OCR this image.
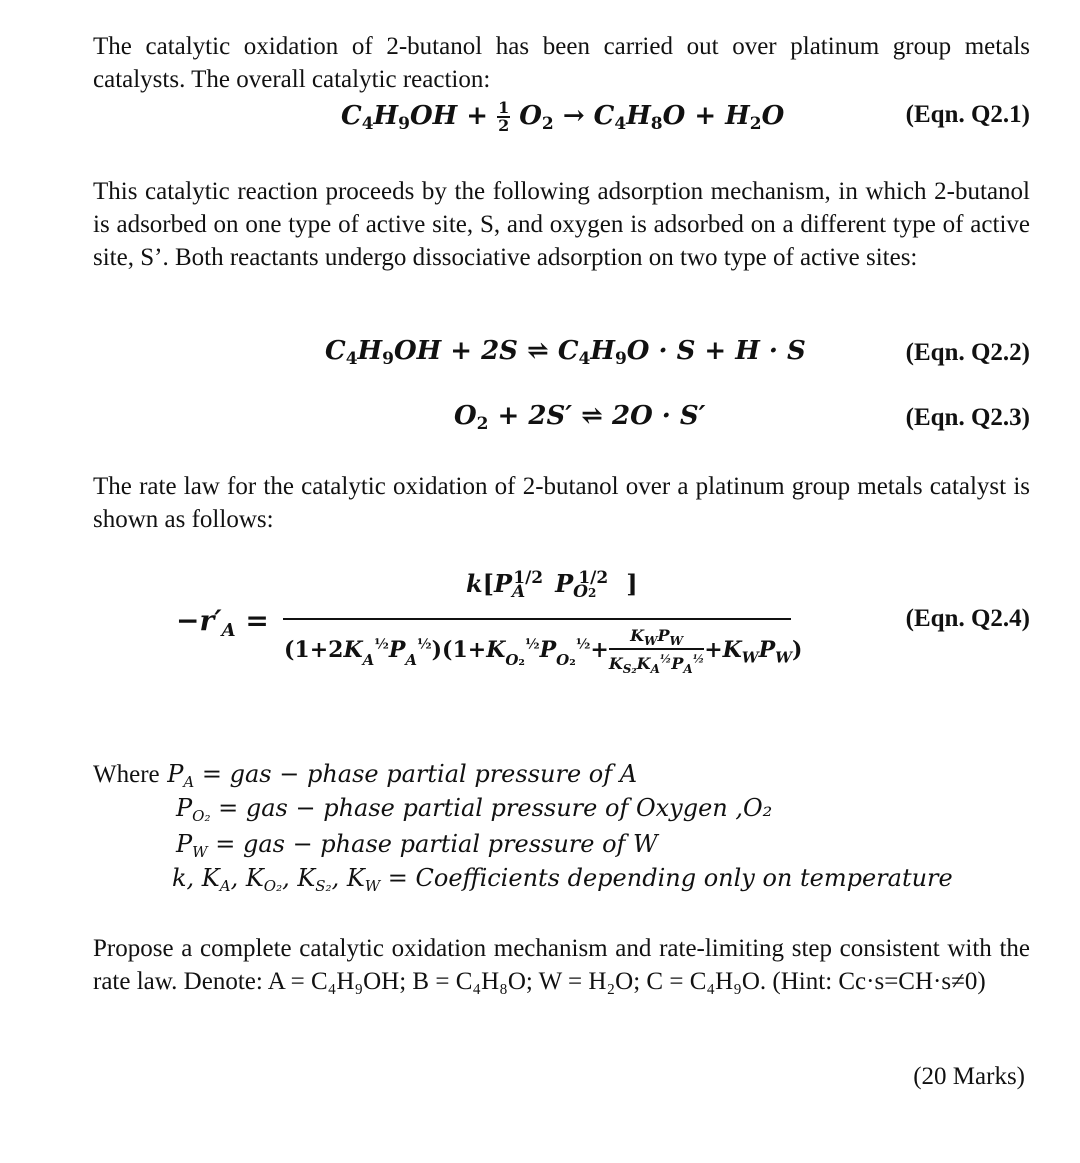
The catalytic oxidation of 2-butanol has been carried out over platinum group metals catalysts. The overall catalytic reaction:

$C_4H_9OH + \frac{1}{2} O_2 \to C_4H_8O + H_2O$	(Eqn. Q2.1)

This catalytic reaction proceeds by the following adsorption mechanism, in which 2-butanol is adsorbed on one type of active site, S, and oxygen is adsorbed on a different type of active site, S’. Both reactants undergo dissociative adsorption on two type of active sites:

$C_4H_9OH + 2S$ ⇌ $C_4H_9O \cdot S + H \cdot S$	(Eqn. Q2.2)
$O_2 + 2S'$ ⇌ 2O · S′	(Eqn. Q2.3)

The rate law for the catalytic oxidation of 2-butanol over a platinum group metals catalyst is shown as follows:

$-r'_A$ =
$k[P_A^{1/2}$ $P_{O2}^{1/2}$ ]
$(1+2K_A^{\frac{1}{2}}P_A^{\frac{1}{2}})(1+K_{O_2}^{\frac{1}{2}}P_{O_2}^{\frac{1}{2}}+$
$K_WP_W$
$K_{S_2}K_A^{\frac{1}{2}}P_A^{\frac{1}{2}} +K_WP_W$)
(Eqn. Q2.4)
Where $P_A$ = gas − phase partial pressure of A
$P_{O_2}$ = gas − phase partial pressure of Oxygen ,O₂
$P_W$ = gas − phase partial pressure of W
k, $K_A$, $K_{O_2}$, $K_{S_2}$, $K_W$ = Coefficients depending only on temperature

Propose a complete catalytic oxidation mechanism and rate-limiting step consistent with the rate law. Denote: A = C₄H₉OH; B = C₄H₈O; W = H₂O; C = C₄H₉O. (Hint: Cc·s=CH·s≠0)

(20 Marks)
